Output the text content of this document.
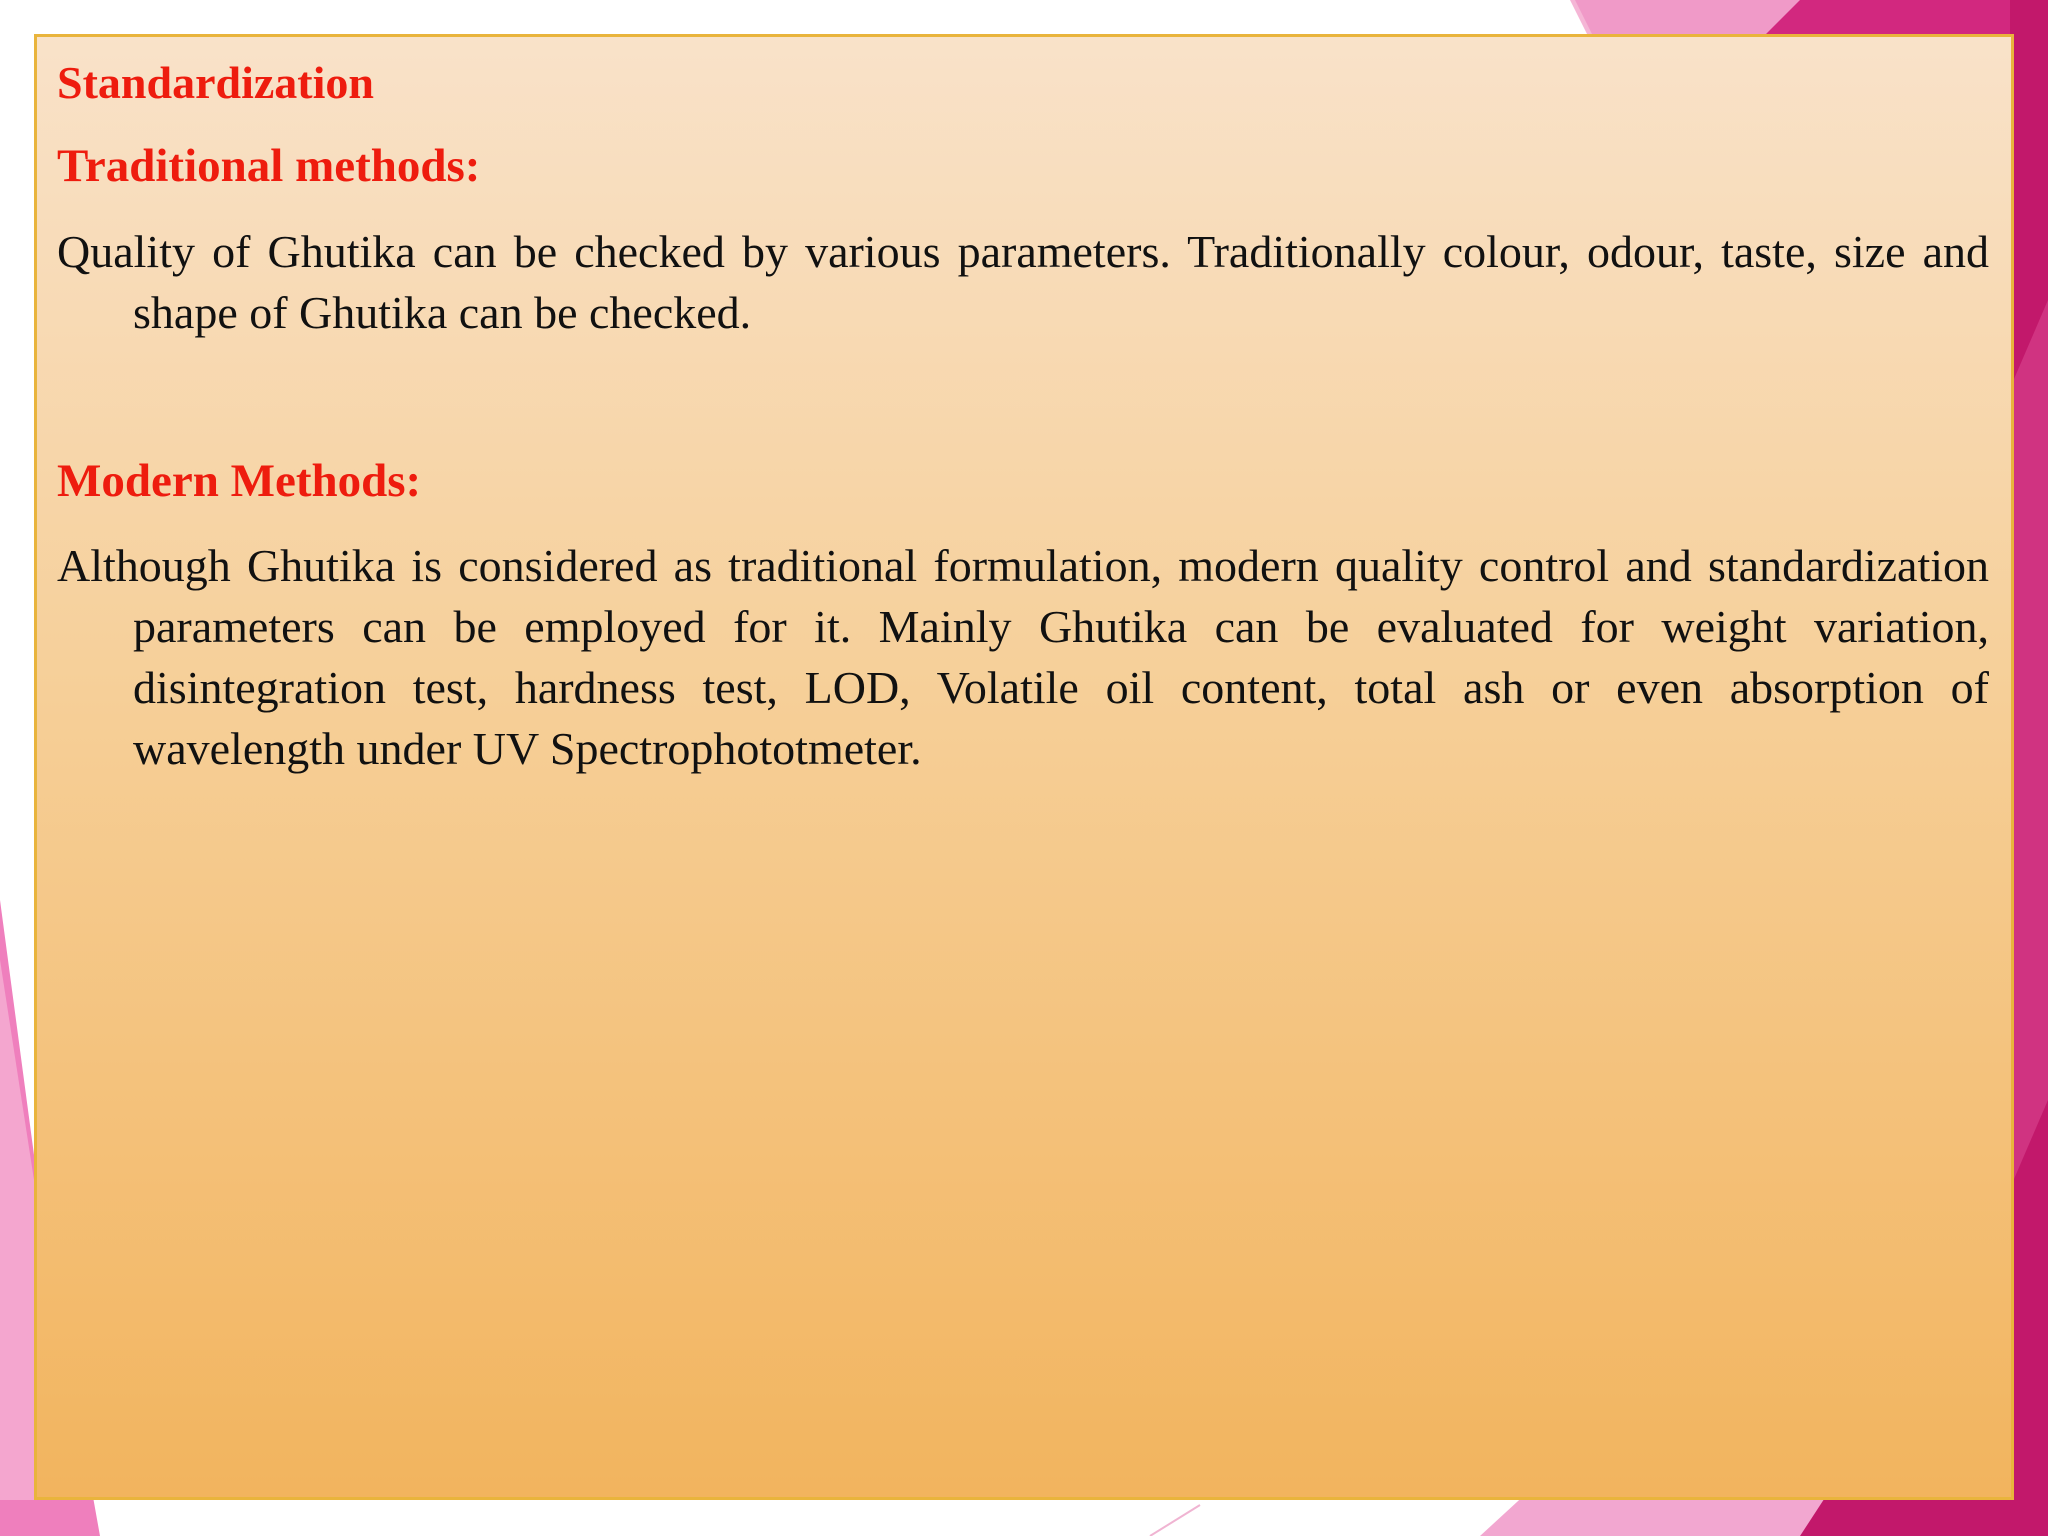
Standardization
Traditional methods:

Quality of Ghutika can be checked by various parameters. Traditionally colour, odour, taste, size and shape of Ghutika can be checked.

Modern Methods:

Although Ghutika is considered as traditional formulation, modern quality control and standardization parameters can be employed for it. Mainly Ghutika can be evaluated for weight variation, disintegration test, hardness test, LOD, Volatile oil content, total ash or even absorption of wavelength under UV Spectrophototmeter.
